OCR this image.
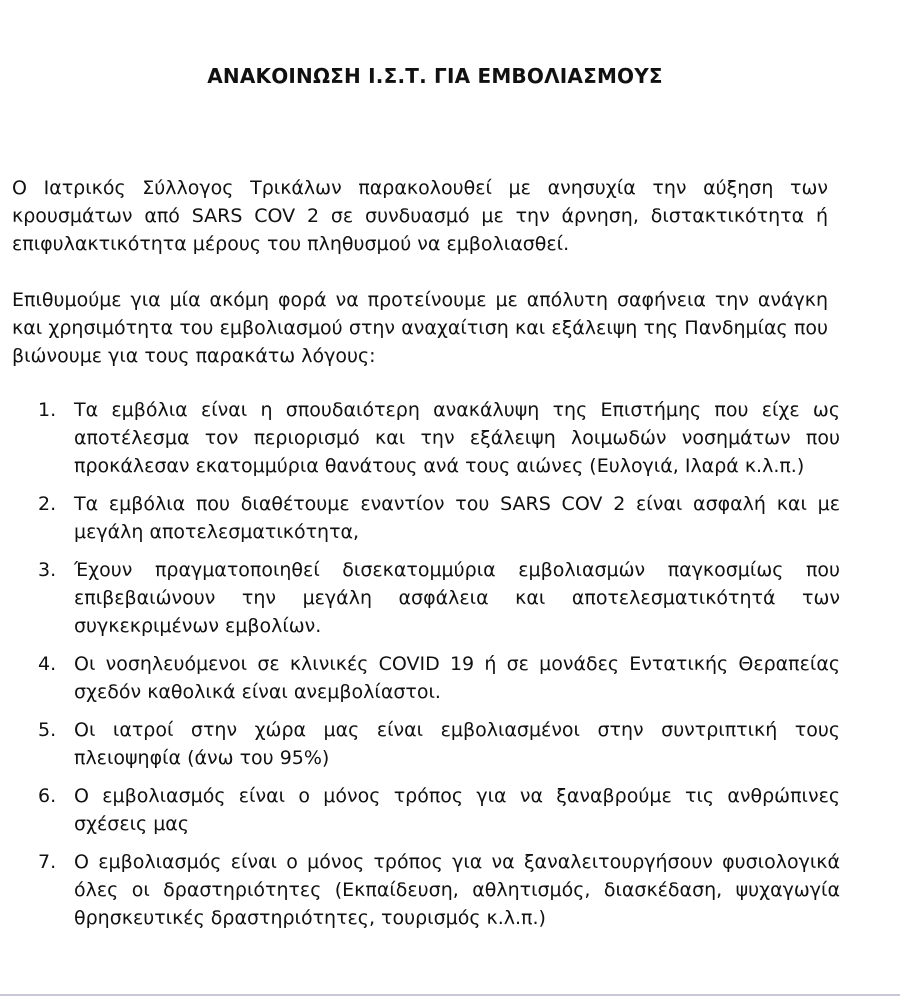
ΑΝΑΚΟΙΝΩΣΗ Ι.Σ.Τ. ΓΙΑ ΕΜΒΟΛΙΑΣΜΟΥΣ
Ο Ιατρικός Σύλλογος Τρικάλων παρακολουθεί με ανησυχία την αύξηση των κρουσμάτων από SARS COV 2 σε συνδυασμό με την άρνηση, διστακτικότητα ή επιφυλακτικότητα μέρους του πληθυσμού να εμβολιασθεί.
Επιθυμούμε για μία ακόμη φορά να προτείνουμε με απόλυτη σαφήνεια την ανάγκη και χρησιμότητα του εμβολιασμού στην αναχαίτιση και εξάλειψη της Πανδημίας που βιώνουμε για τους παρακάτω λόγους:
1. Τα εμβόλια είναι η σπουδαιότερη ανακάλυψη της Επιστήμης που είχε ως αποτέλεσμα τον περιορισμό και την εξάλειψη λοιμωδών νοσημάτων που προκάλεσαν εκατομμύρια θανάτους ανά τους αιώνες (Ευλογιά, Ιλαρά κ.λ.π.)
2. Τα εμβόλια που διαθέτουμε εναντίον του SARS COV 2 είναι ασφαλή και με μεγάλη αποτελεσματικότητα,
3. Έχουν πραγματοποιηθεί δισεκατομμύρια εμβολιασμών παγκοσμίως που επιβεβαιώνουν την μεγάλη ασφάλεια και αποτελεσματικότητά των συγκεκριμένων εμβολίων.
4. Οι νοσηλευόμενοι σε κλινικές COVID 19 ή σε μονάδες Εντατικής Θεραπείας σχεδόν καθολικά είναι ανεμβολίαστοι.
5. Οι ιατροί στην χώρα μας είναι εμβολιασμένοι στην συντριπτική τους πλειοψηφία (άνω του 95%)
6. Ο εμβολιασμός είναι ο μόνος τρόπος για να ξαναβρούμε τις ανθρώπινες σχέσεις μας
7. Ο εμβολιασμός είναι ο μόνος τρόπος για να ξαναλειτουργήσουν φυσιολογικά όλες οι δραστηριότητες (Εκπαίδευση, αθλητισμός, διασκέδαση, ψυχαγωγία θρησκευτικές δραστηριότητες, τουρισμός κ.λ.π.)
